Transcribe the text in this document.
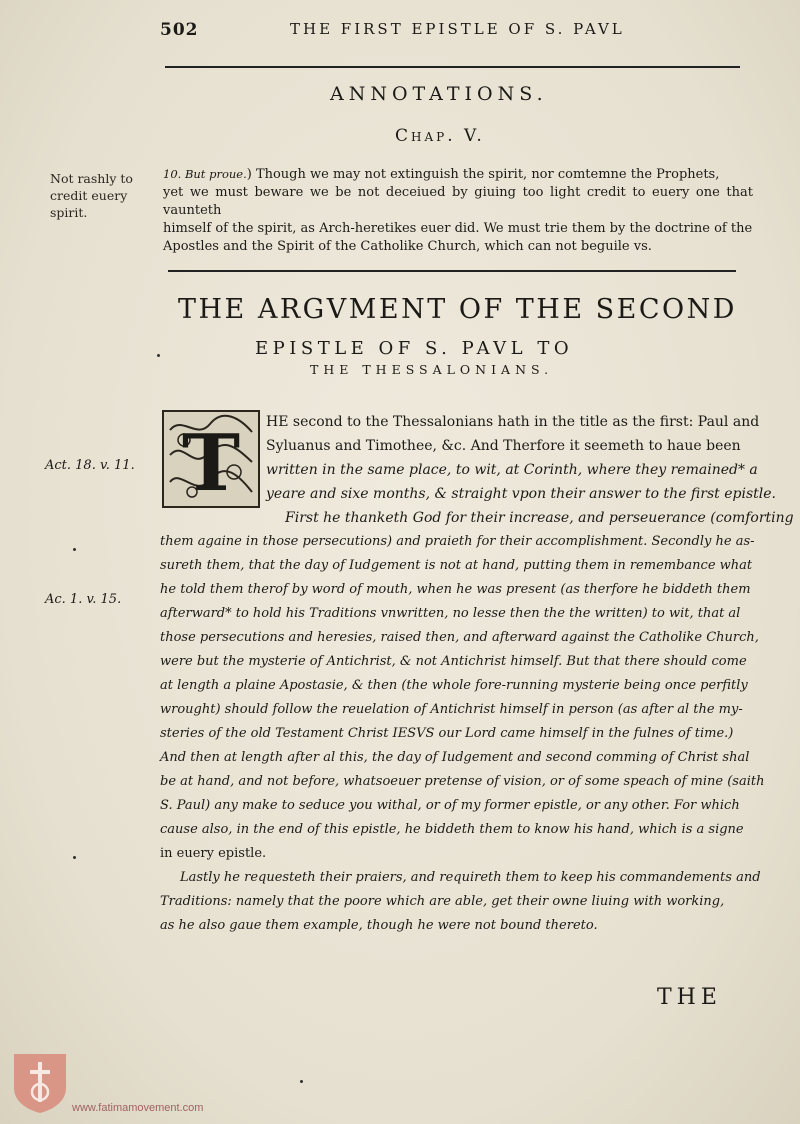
502	THE FIRST EPISTLE OF S. PAVL
ANNOTATIONS.
Chap. V.
Not rashly to
credit euery
spirit.
10. But proue.) Though we may not extinguish the spirit, nor comtemne the Prophets,
yet we must beware we be not deceiued by giuing too light credit to euery one that vaunteth
himself of the spirit, as Arch-heretikes euer did. We must trie them by the doctrine of the
Apostles and the Spirit of the Catholike Church, which can not beguile vs.
THE ARGVMENT OF THE SECOND
EPISTLE OF S. PAVL TO
THE THESSALONIANS.
T
Act. 18. v. 11.
Ac. 1. v. 15.
HE second to the Thessalonians hath in the title as the first: Paul and
Syluanus and Timothee, &c. And Therfore it seemeth to haue been
written in the same place, to wit, at Corinth, where they remained* a
yeare and sixe months, & straight vpon their answer to the first epistle.
First he thanketh God for their increase, and perseuerance (comforting
them againe in those persecutions) and praieth for their accomplishment. Secondly he as-
sureth them, that the day of Iudgement is not at hand, putting them in remembance what
he told them therof by word of mouth, when he was present (as therfore he biddeth them
afterward* to hold his Traditions vnwritten, no lesse then the the written) to wit, that al
those persecutions and heresies, raised then, and afterward against the Catholike Church,
were but the mysterie of Antichrist, & not Antichrist himself. But that there should come
at length a plaine Apostasie, & then (the whole fore-running mysterie being once perfitly
wrought) should follow the reuelation of Antichrist himself in person (as after al the my-
steries of the old Testament Christ IESVS our Lord came himself in the fulnes of time.)
And then at length after al this, the day of Iudgement and second comming of Christ shal
be at hand, and not before, whatsoeuer pretense of vision, or of some speach of mine (saith
S. Paul) any make to seduce you withal, or of my former epistle, or any other. For which
cause also, in the end of this epistle, he biddeth them to know his hand, which is a signe
in euery epistle.
Lastly he requesteth their praiers, and requireth them to keep his commandements and
Traditions: namely that the poore which are able, get their owne liuing with working,
as he also gaue them example, though he were not bound thereto.
THE
www.fatimamovement.com
